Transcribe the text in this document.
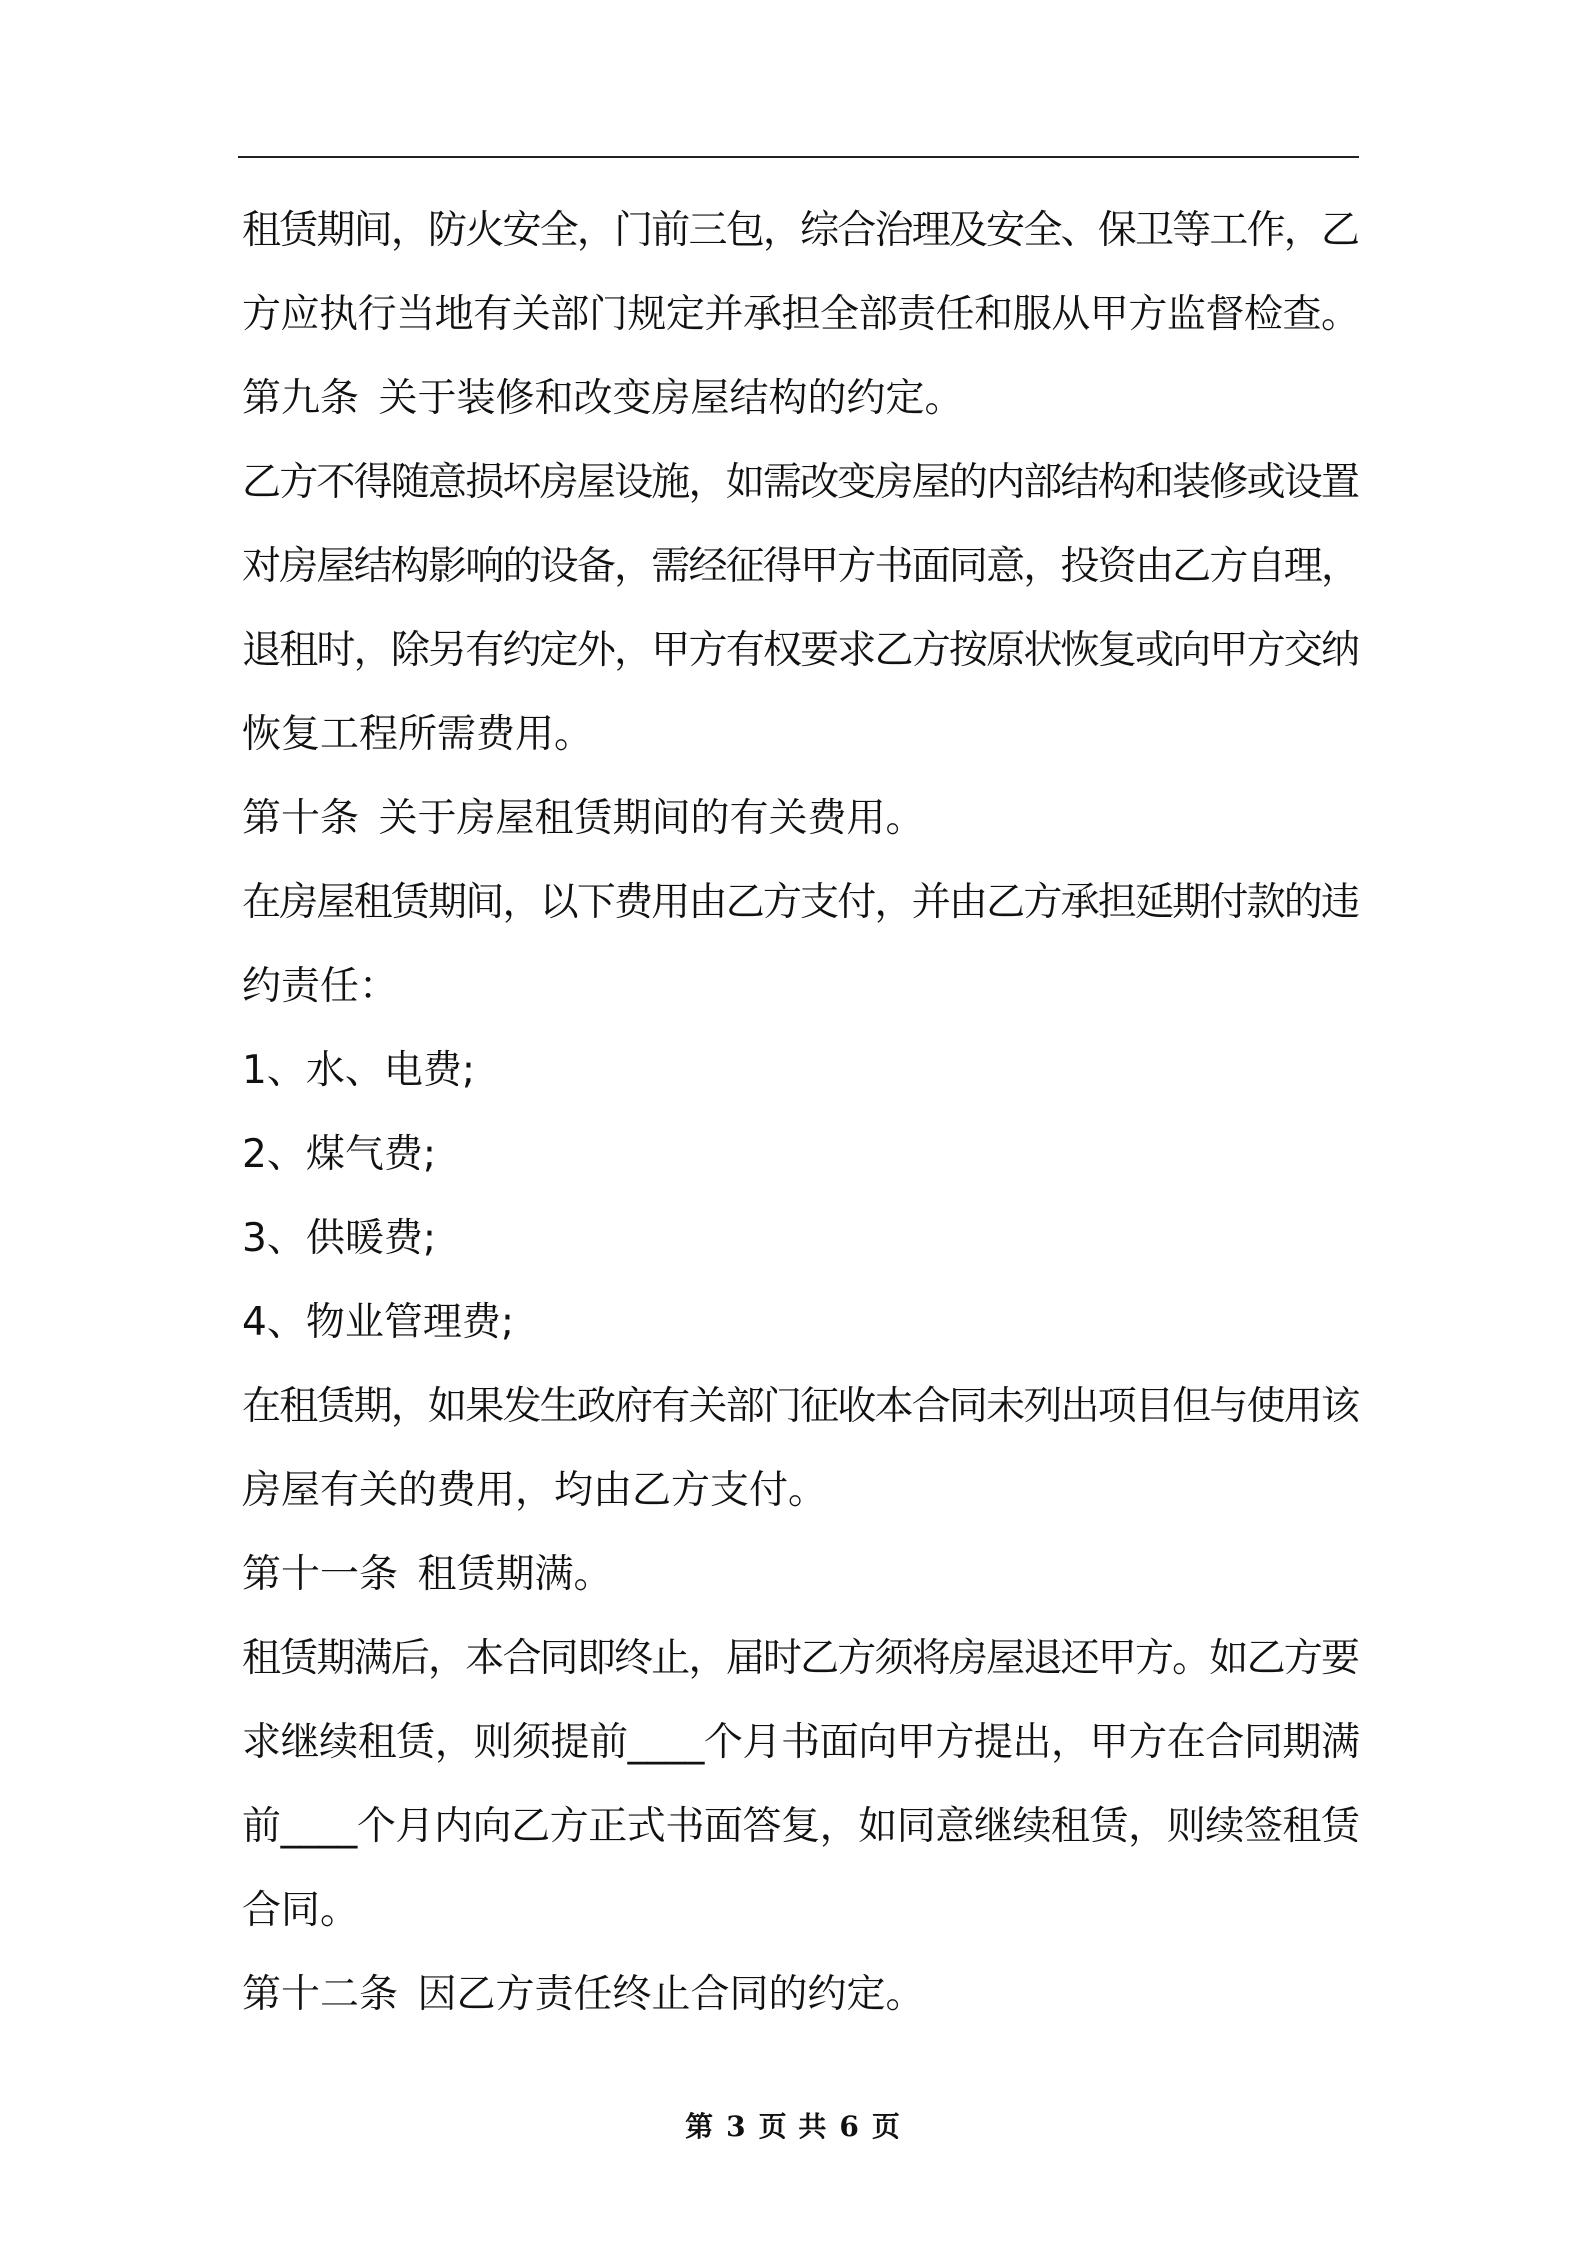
租赁期间，防火安全，门前三包，综合治理及安全、保卫等工作，乙
方应执行当地有关部门规定并承担全部责任和服从甲方监督检查。
第九条 关于装修和改变房屋结构的约定。
乙方不得随意损坏房屋设施，如需改变房屋的内部结构和装修或设置
对房屋结构影响的设备，需经征得甲方书面同意，投资由乙方自理，
退租时，除另有约定外，甲方有权要求乙方按原状恢复或向甲方交纳
恢复工程所需费用。
第十条 关于房屋租赁期间的有关费用。
在房屋租赁期间，以下费用由乙方支付，并由乙方承担延期付款的违
约责任：
1、水、电费;
2、煤气费;
3、供暖费;
4、物业管理费;
在租赁期，如果发生政府有关部门征收本合同未列出项目但与使用该
房屋有关的费用，均由乙方支付。
第十一条 租赁期满。
租赁期满后，本合同即终止，届时乙方须将房屋退还甲方。如乙方要
求继续租赁，则须提前____个月书面向甲方提出，甲方在合同期满
前____个月内向乙方正式书面答复，如同意继续租赁，则续签租赁
合同。
第十二条 因乙方责任终止合同的约定。
第 3 页 共 6 页
